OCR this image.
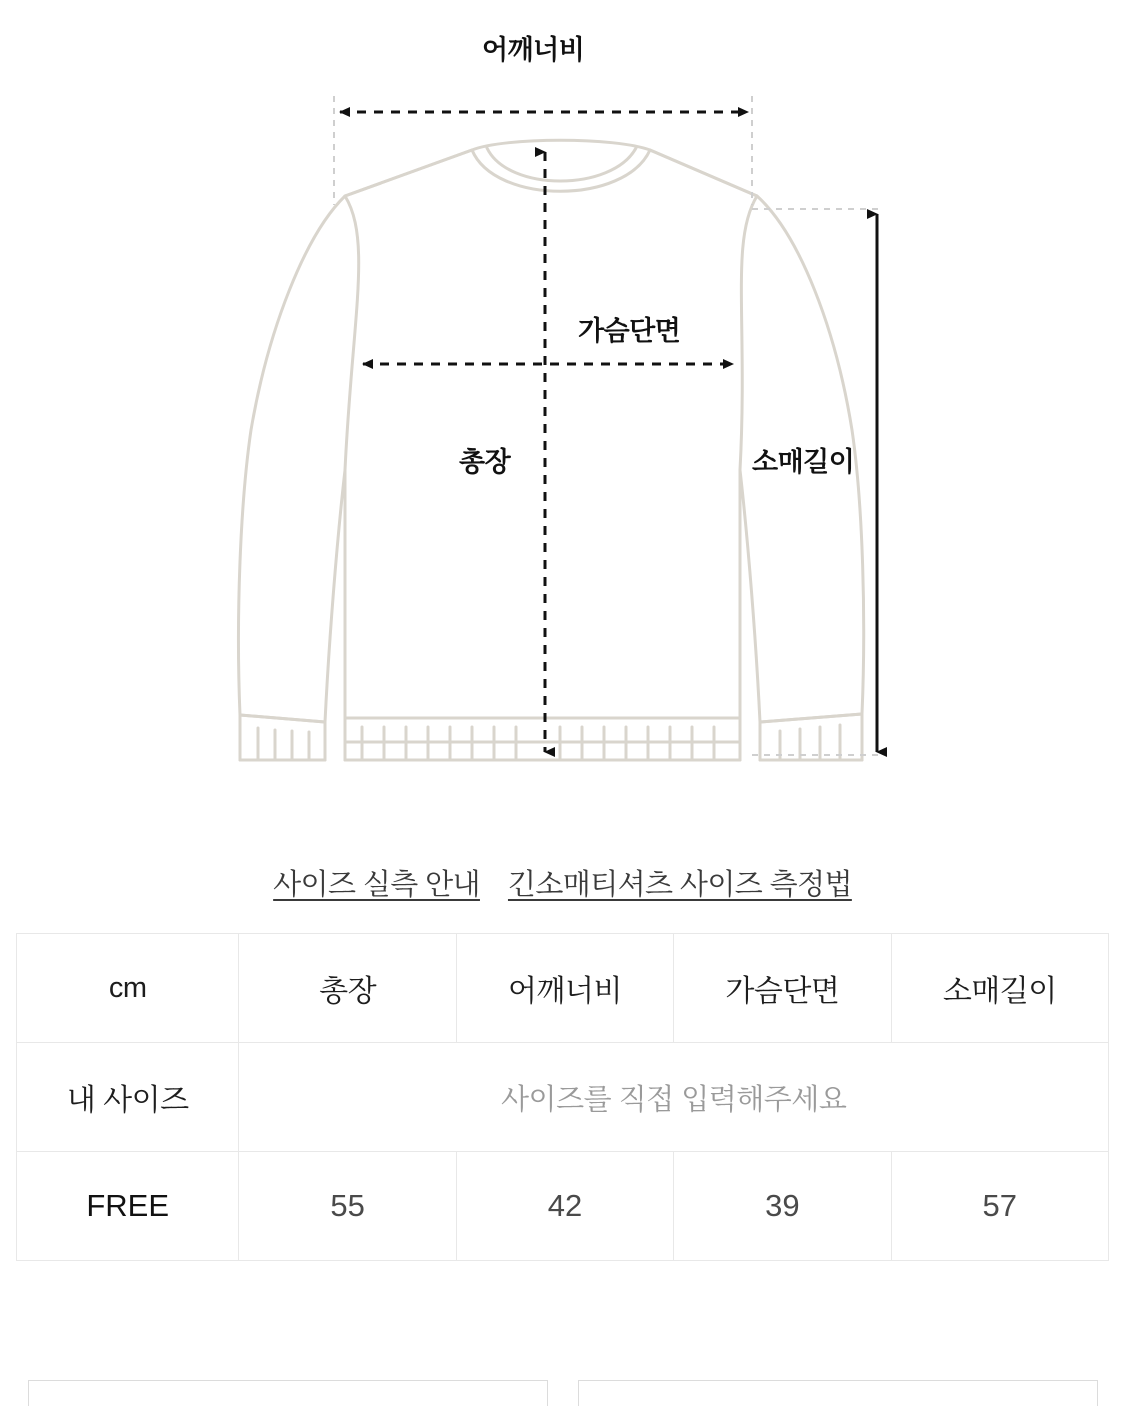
어깨너비
가슴단면
총장	소매길이
사이즈 실측 안내 긴소매티셔츠 사이즈 측정법
cm	총장	어깨너비	가슴단면	소매길이
내 사이즈	사이즈를 직접 입력해주세요			
FREE	55	42	39	57
